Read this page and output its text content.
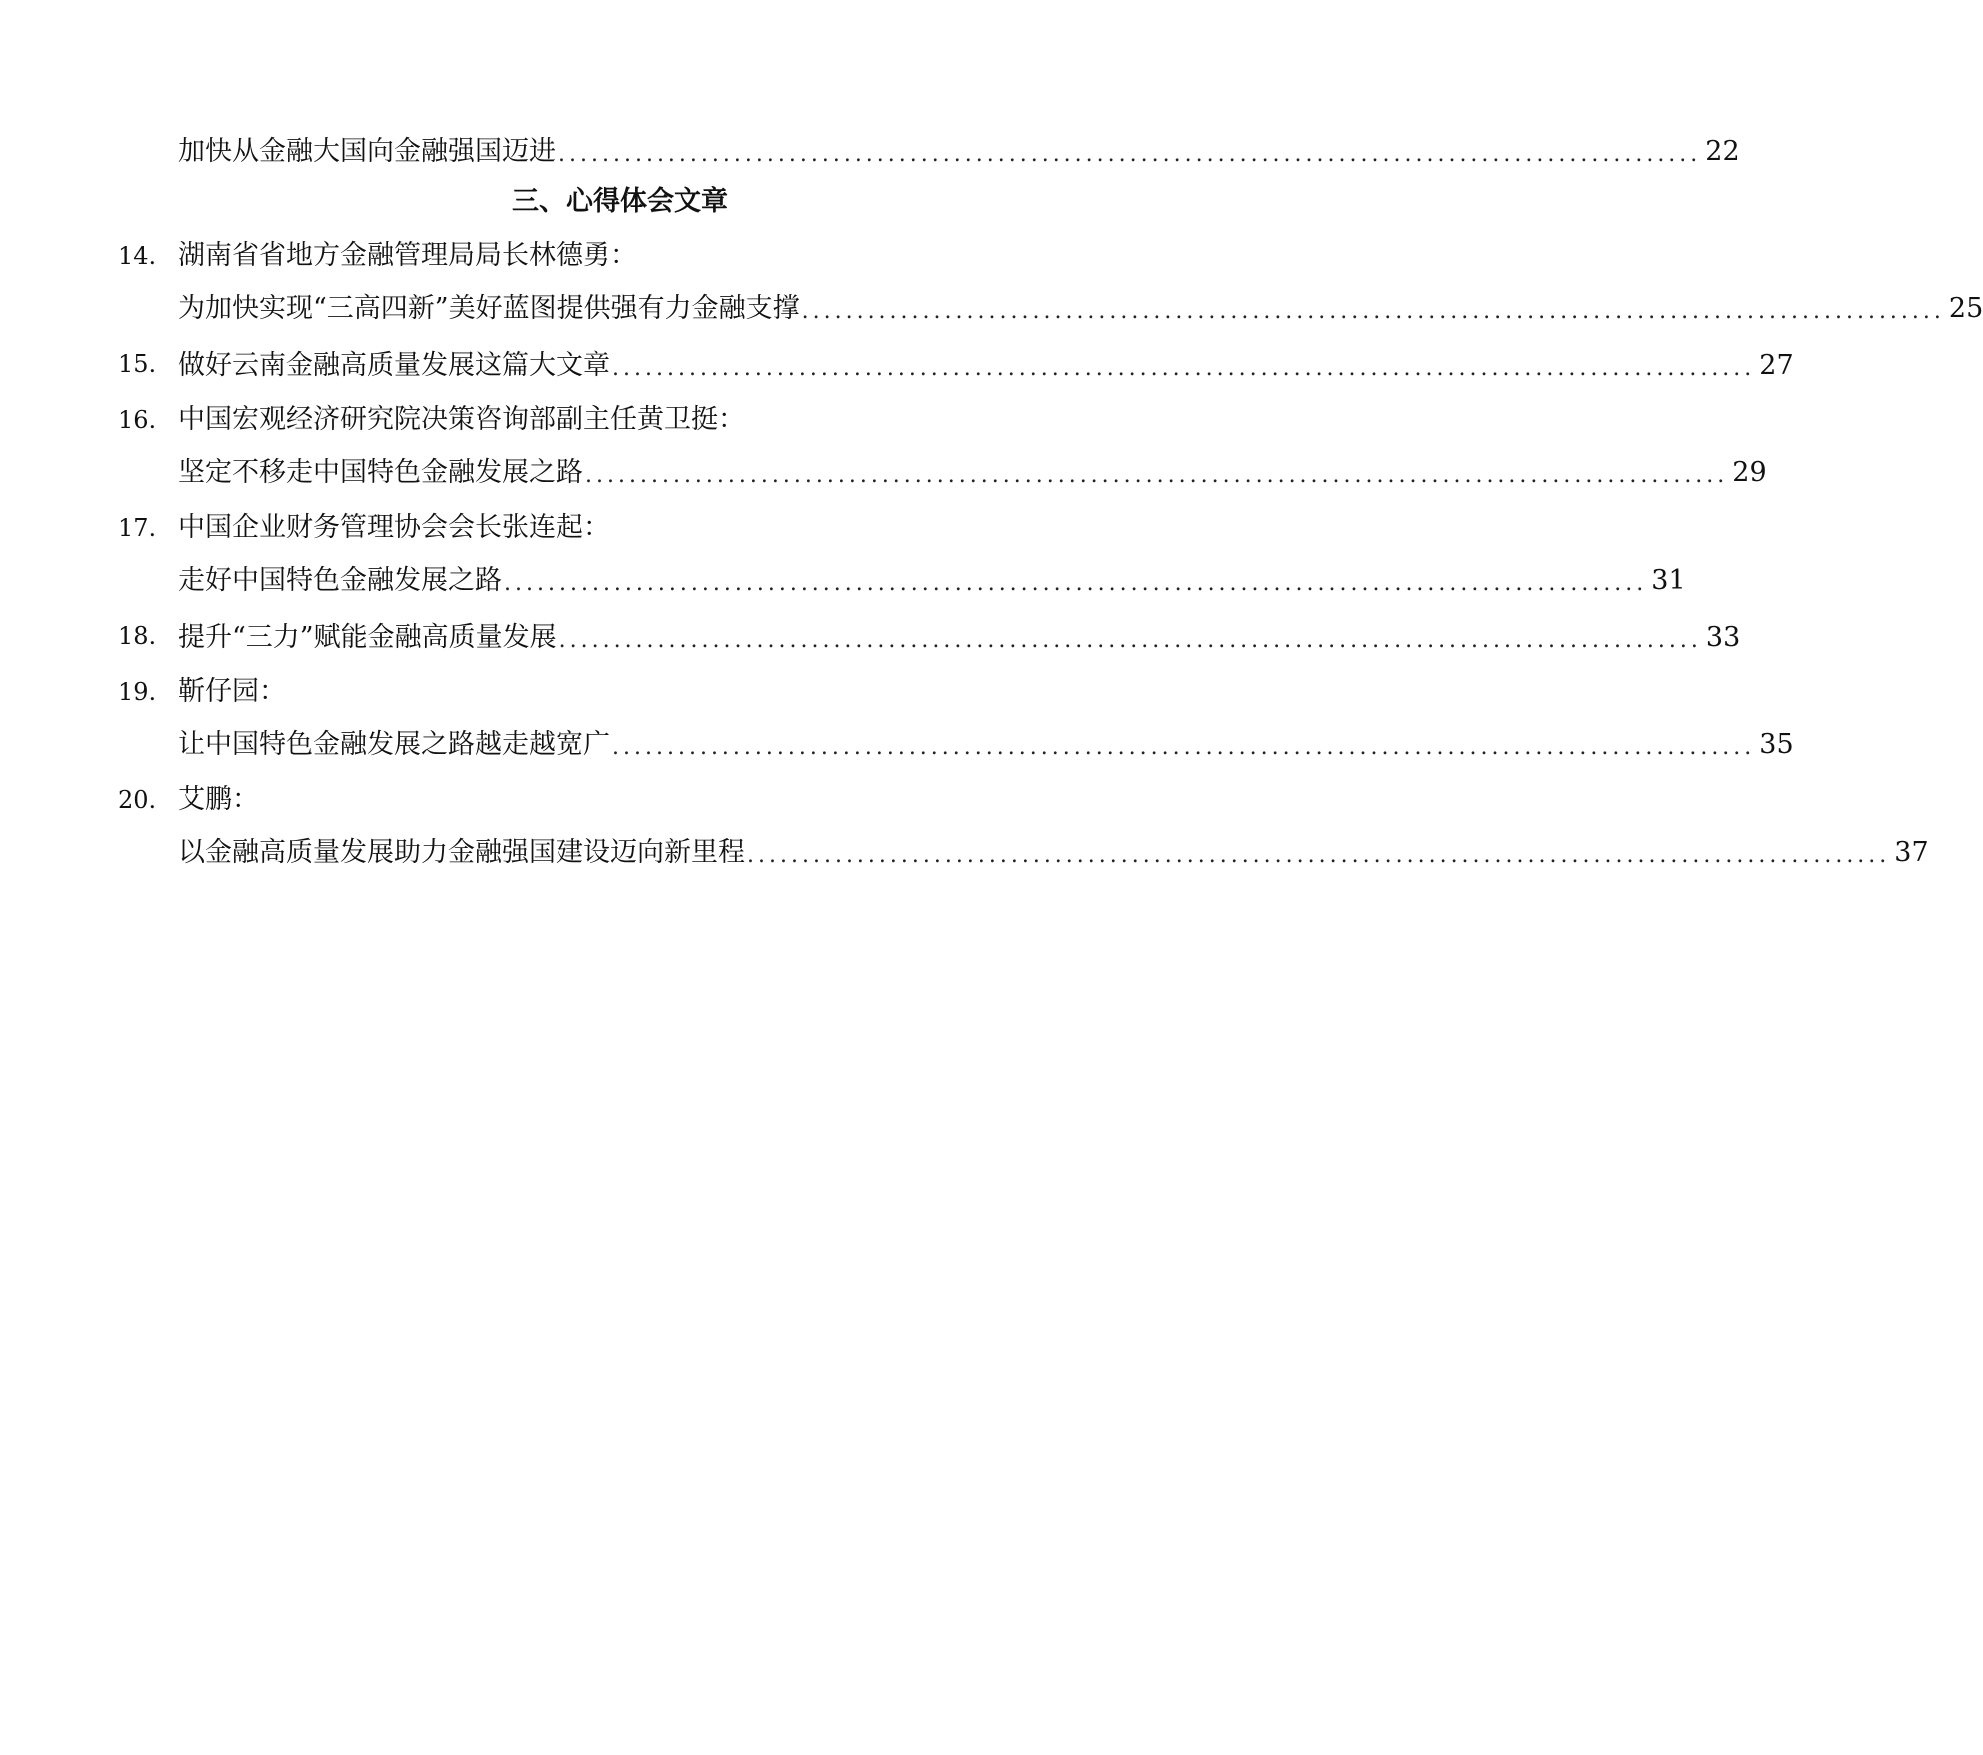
加快从金融大国向金融强国迈进 ........................................................................................................ 22
三、心得体会文章
14. 湖南省省地方金融管理局局长林德勇：
为加快实现“三高四新”美好蓝图提供强有力金融支撑 ........................................................................................................ 25
15. 做好云南金融高质量发展这篇大文章 ........................................................................................................ 27
16. 中国宏观经济研究院决策咨询部副主任黄卫挺：
坚定不移走中国特色金融发展之路 ........................................................................................................ 29
17. 中国企业财务管理协会会长张连起：
走好中国特色金融发展之路 ........................................................................................................ 31
18. 提升“三力”赋能金融高质量发展 ........................................................................................................ 33
19. 靳仔园：
让中国特色金融发展之路越走越宽广 ........................................................................................................ 35
20. 艾鹏：
以金融高质量发展助力金融强国建设迈向新里程 ........................................................................................................ 37
